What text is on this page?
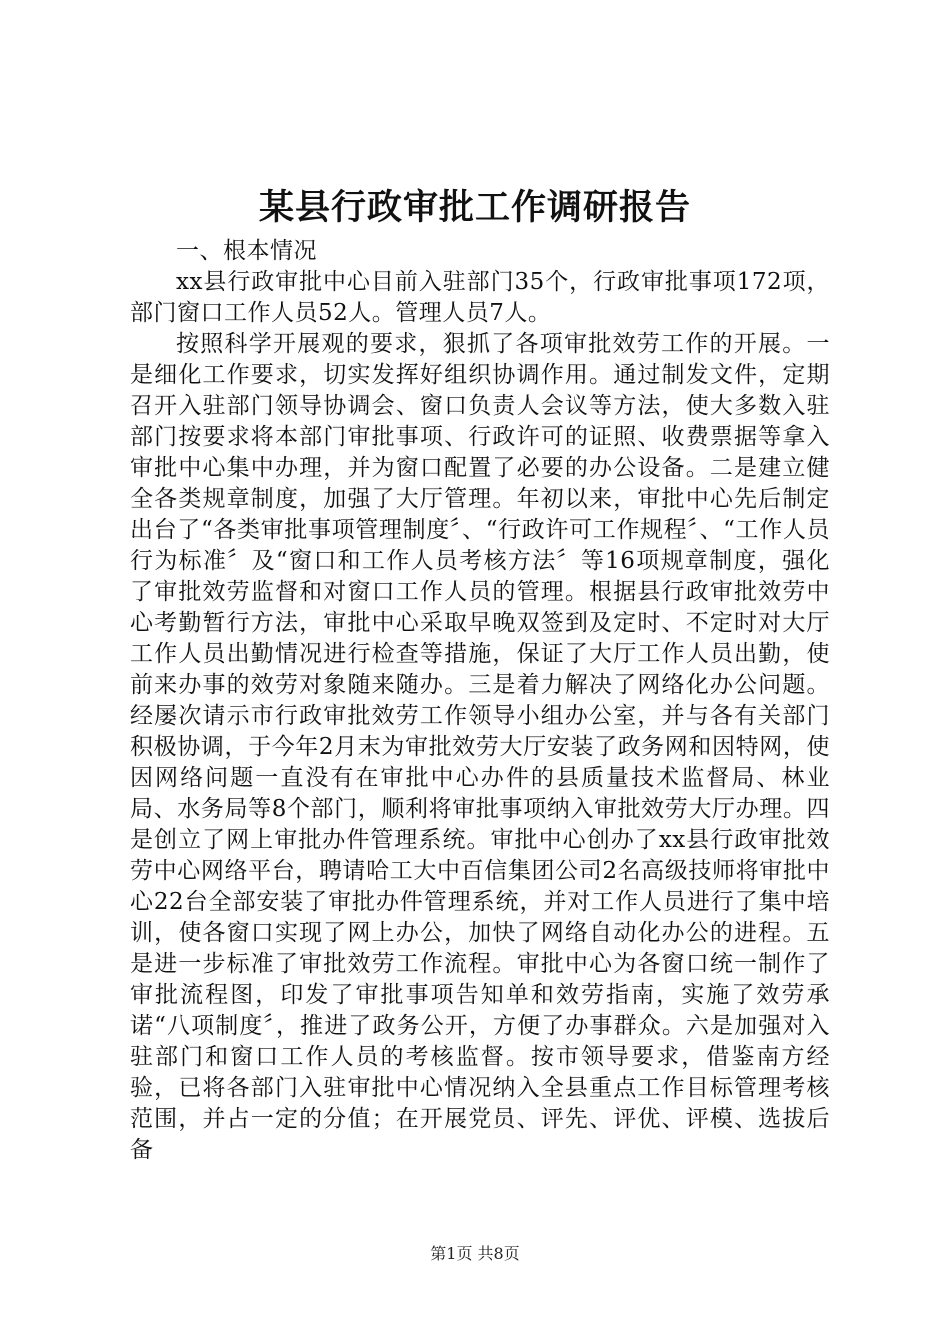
某县行政审批工作调研报告

一、根本情况

xx县行政审批中心目前入驻部门35个，行政审批事项172项，部门窗口工作人员52人。管理人员7人。

按照科学开展观的要求，狠抓了各项审批效劳工作的开展。一是细化工作要求，切实发挥好组织协调作用。通过制发文件，定期召开入驻部门领导协调会、窗口负责人会议等方法，使大多数入驻部门按要求将本部门审批事项、行政许可的证照、收费票据等拿入审批中心集中办理，并为窗口配置了必要的办公设备。二是建立健全各类规章制度，加强了大厅管理。年初以来，审批中心先后制定出台了“各类审批事项管理制度〞、“行政许可工作规程〞、“工作人员行为标准〞及“窗口和工作人员考核方法〞等16项规章制度，强化了审批效劳监督和对窗口工作人员的管理。根据县行政审批效劳中心考勤暂行方法，审批中心采取早晚双签到及定时、不定时对大厅工作人员出勤情况进行检查等措施，保证了大厅工作人员出勤，使前来办事的效劳对象随来随办。三是着力解决了网络化办公问题。经屡次请示市行政审批效劳工作领导小组办公室，并与各有关部门积极协调，于今年2月末为审批效劳大厅安装了政务网和因特网，使因网络问题一直没有在审批中心办件的县质量技术监督局、林业局、水务局等8个部门，顺利将审批事项纳入审批效劳大厅办理。四是创立了网上审批办件管理系统。审批中心创办了xx县行政审批效劳中心网络平台，聘请哈工大中百信集团公司2名高级技师将审批中心22台全部安装了审批办件管理系统，并对工作人员进行了集中培训，使各窗口实现了网上办公，加快了网络自动化办公的进程。五是进一步标准了审批效劳工作流程。审批中心为各窗口统一制作了审批流程图，印发了审批事项告知单和效劳指南，实施了效劳承诺“八项制度〞，推进了政务公开，方便了办事群众。六是加强对入驻部门和窗口工作人员的考核监督。按市领导要求，借鉴南方经验，已将各部门入驻审批中心情况纳入全县重点工作目标管理考核范围，并占一定的分值；在开展党员、评先、评优、评模、选拔后备

第1页 共8页
